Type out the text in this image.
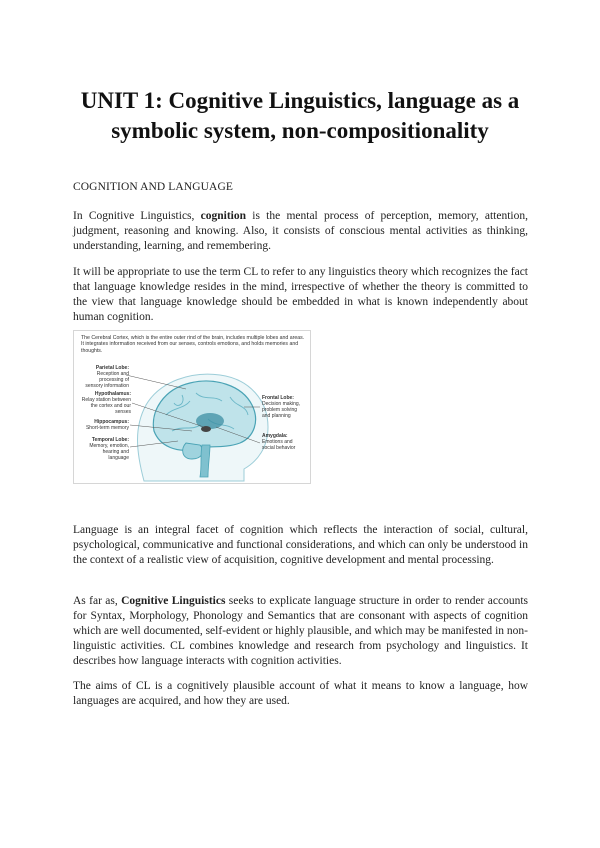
UNIT 1: Cognitive Linguistics, language as a symbolic system, non-compositionality
COGNITION AND LANGUAGE

In Cognitive Linguistics, cognition is the mental process of perception, memory, attention, judgment, reasoning and knowing. Also, it consists of conscious mental activities as thinking, understanding, learning, and remembering.

It will be appropriate to use the term CL to refer to any linguistics theory which recognizes the fact that language knowledge resides in the mind, irrespective of whether the theory is committed to the view that language knowledge should be embedded in what is known independently about human cognition.

The Cerebral Cortex, which is the entire outer rind of the brain, includes multiple lobes and areas. It integrates information received from our senses, controls emotions, and holds memories and thoughts.
Parietal Lobe:
Reception and processing of sensory information
Hypothalamus:
Relay station between the cortex and our senses
Hippocampus:
Short-term memory
Temporal Lobe:
Memory, emotion, hearing and language
Frontal Lobe:
Decision making, problem solving and planning
Amygdala:
Emotions and social behavior

Language is an integral facet of cognition which reflects the interaction of social, cultural, psychological, communicative and functional considerations, and which can only be understood in the context of a realistic view of acquisition, cognitive development and mental processing.

As far as, Cognitive Linguistics seeks to explicate language structure in order to render accounts for Syntax, Morphology, Phonology and Semantics that are consonant with aspects of cognition which are well documented, self-evident or highly plausible, and which may be manifested in non-linguistic activities. CL combines knowledge and research from psychology and linguistics. It describes how language interacts with cognition activities.

The aims of CL is a cognitively plausible account of what it means to know a language, how languages are acquired, and how they are used.
